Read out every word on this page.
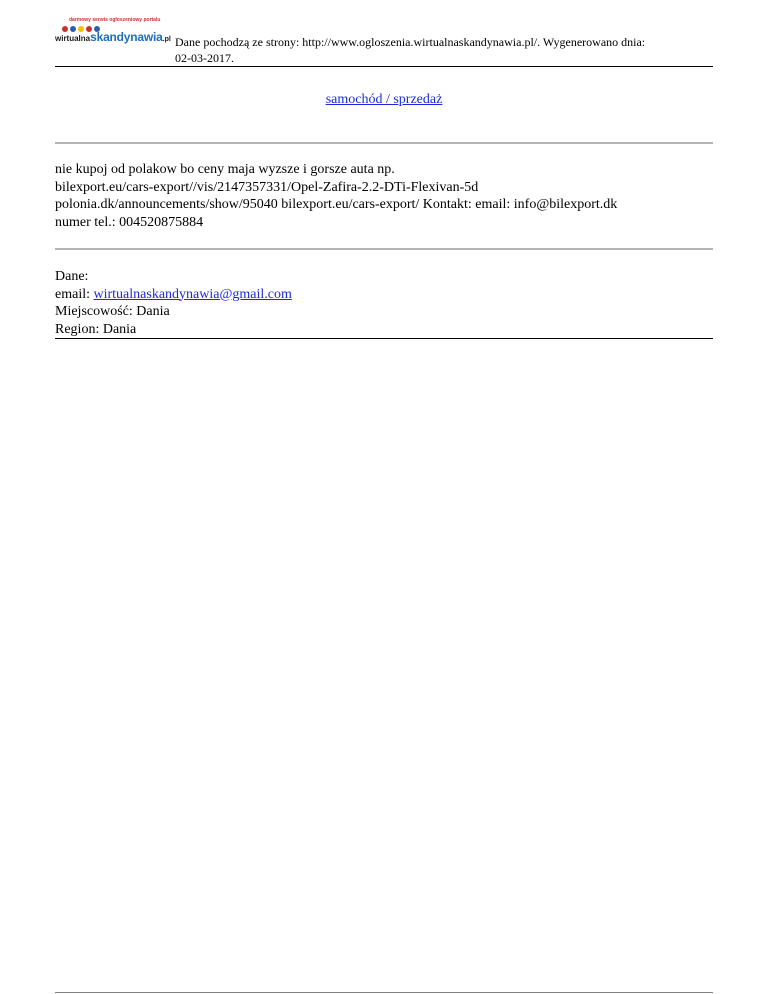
darmowy serwis ogłoszeniowy portalu
wirtualnaskandynawia.pl Dane pochodzą ze strony: http://www.ogloszenia.wirtualnaskandynawia.pl/. Wygenerowano dnia:
02-03-2017.
samochód / sprzedaż
nie kupoj od polakow bo ceny maja wyzsze i gorsze auta np.
bilexport.eu/cars-export//vis/2147357331/Opel-Zafira-2.2-DTi-Flexivan-5d
polonia.dk/announcements/show/95040 bilexport.eu/cars-export/ Kontakt: email: info@bilexport.dk
numer tel.: 004520875884
Dane:
email: wirtualnaskandynawia@gmail.com
Miejscowość: Dania
Region: Dania
